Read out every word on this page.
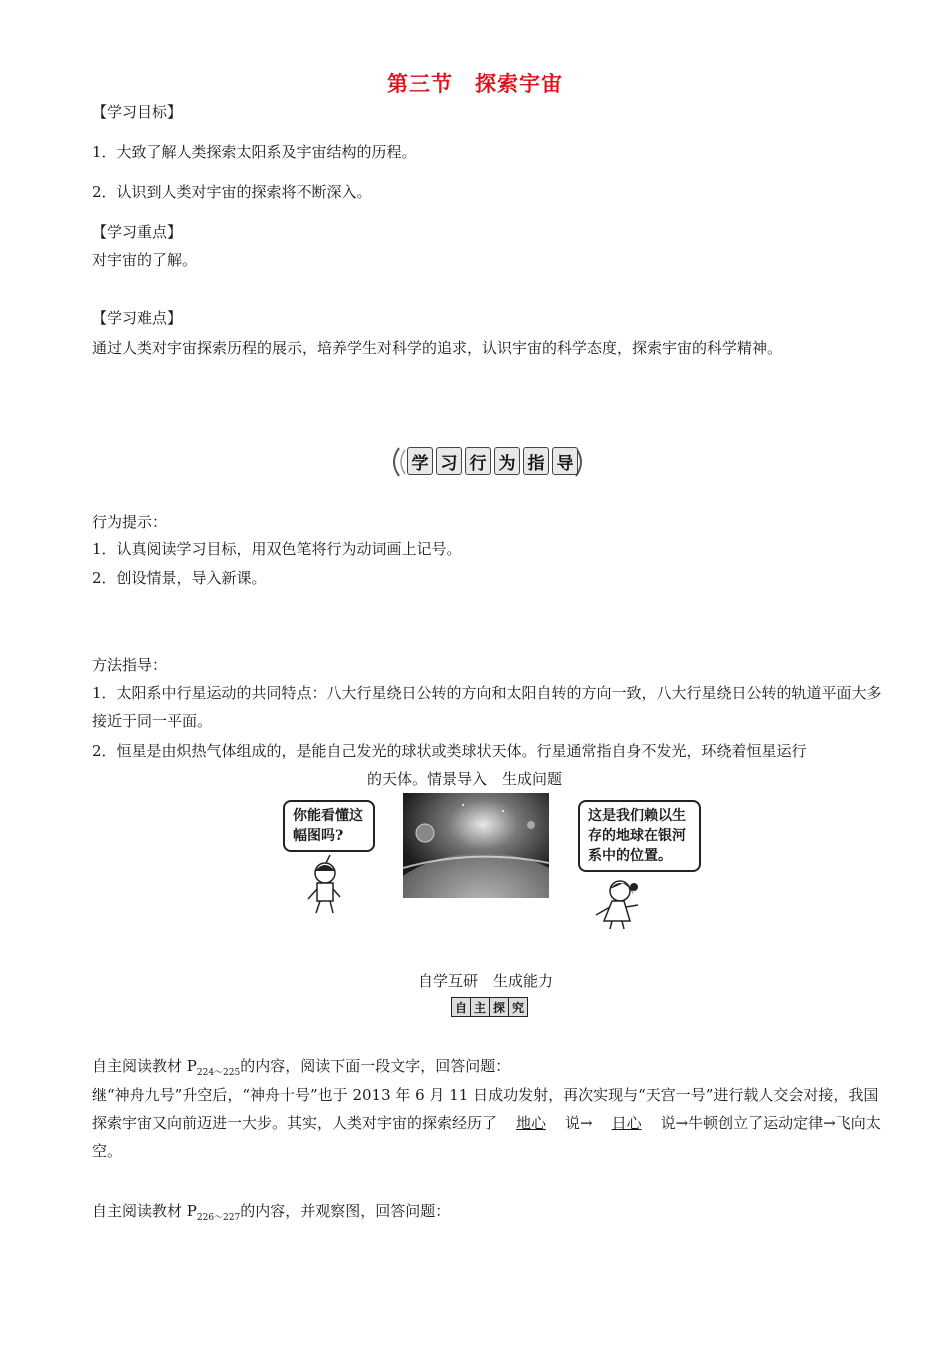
第三节　探索宇宙
【学习目标】
1．大致了解人类探索太阳系及宇宙结构的历程。
2．认识到人类对宇宙的探索将不断深入。
【学习重点】
对宇宙的了解。
【学习难点】
通过人类对宇宙探索历程的展示，培养学生对科学的追求，认识宇宙的科学态度，探索宇宙的科学精神。
学 习 行 为 指 导
行为提示：
1．认真阅读学习目标，用双色笔将行为动词画上记号。
2．创设情景，导入新课。
方法指导：
1．太阳系中行星运动的共同特点：八大行星绕日公转的方向和太阳自转的方向一致，八大行星绕日公转的轨道平面大多接近于同一平面。
2．恒星是由炽热气体组成的，是能自己发光的球状或类球状天体。行星通常指自身不发光，环绕着恒星运行
的天体。情景导入　生成问题
你能看懂这幅图吗?
这是我们赖以生存的地球在银河系中的位置。
自学互研　生成能力
自 主 探 究
自主阅读教材 $P_{224\sim 225}$的内容，阅读下面一段文字，回答问题：
继“神舟九号”升空后，“神舟十号”也于 2013 年 6 月 11 日成功发射，再次实现与“天宫一号”进行载人交会对接，我国探索宇宙又向前迈进一大步。其实，人类对宇宙的探索经历了 地心 说→ 日心 说→牛顿创立了运动定律→飞向太空。
自主阅读教材 $P_{226\sim 227}$的内容，并观察图，回答问题：
